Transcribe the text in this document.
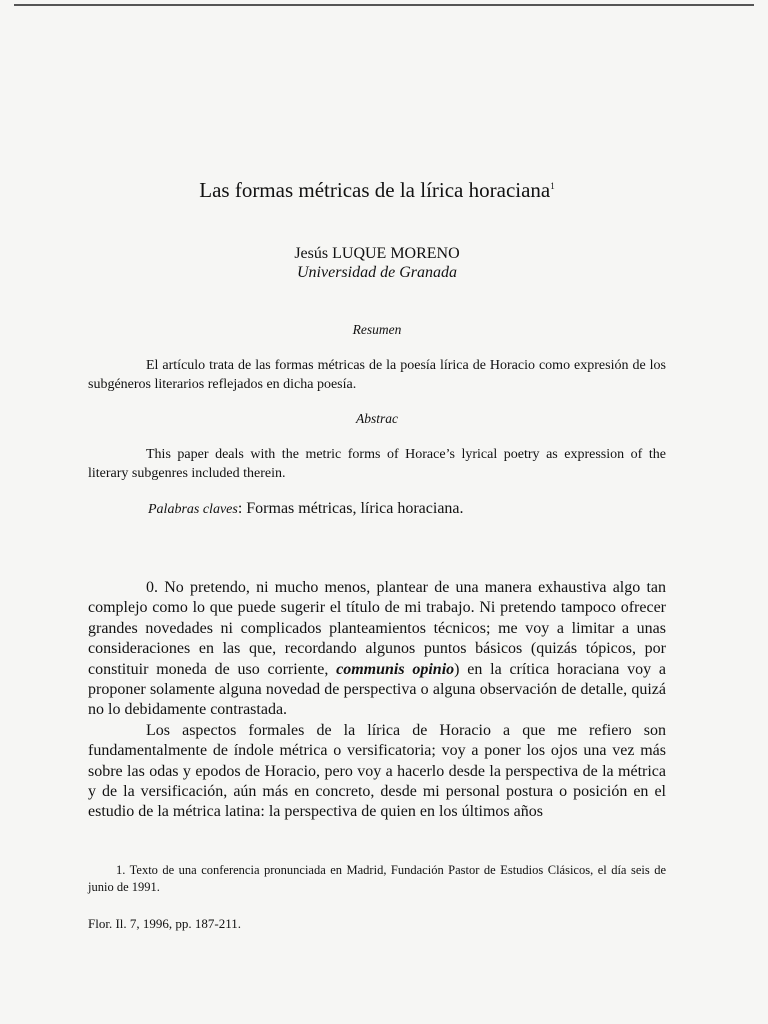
Las formas métricas de la lírica horaciana$^1$
Jesús LUQUE MORENO
Universidad de Granada
Resumen
El artículo trata de las formas métricas de la poesía lírica de Horacio como expresión de los subgéneros literarios reflejados en dicha poesía.
Abstrac
This paper deals with the metric forms of Horace’s lyrical poetry as expression of the literary subgenres included therein.
Palabras claves: Formas métricas, lírica horaciana.

0. No pretendo, ni mucho menos, plantear de una manera exhaustiva algo tan complejo como lo que puede sugerir el título de mi trabajo. Ni pretendo tampoco ofrecer grandes novedades ni complicados planteamientos técnicos; me voy a limitar a unas consideraciones en las que, recordando algunos puntos básicos (quizás tópicos, por constituir moneda de uso corriente, communis opinio) en la crítica horaciana voy a proponer solamente alguna novedad de perspectiva o alguna observación de detalle, quizá no lo debidamente contrastada.

Los aspectos formales de la lírica de Horacio a que me refiero son fundamentalmente de índole métrica o versificatoria; voy a poner los ojos una vez más sobre las odas y epodos de Horacio, pero voy a hacerlo desde la perspectiva de la métrica y de la versificación, aún más en concreto, desde mi personal postura o posición en el estudio de la métrica latina: la perspectiva de quien en los últimos años

1. Texto de una conferencia pronunciada en Madrid, Fundación Pastor de Estudios Clásicos, el día seis de junio de 1991.

Flor. Il. 7, 1996, pp. 187-211.
